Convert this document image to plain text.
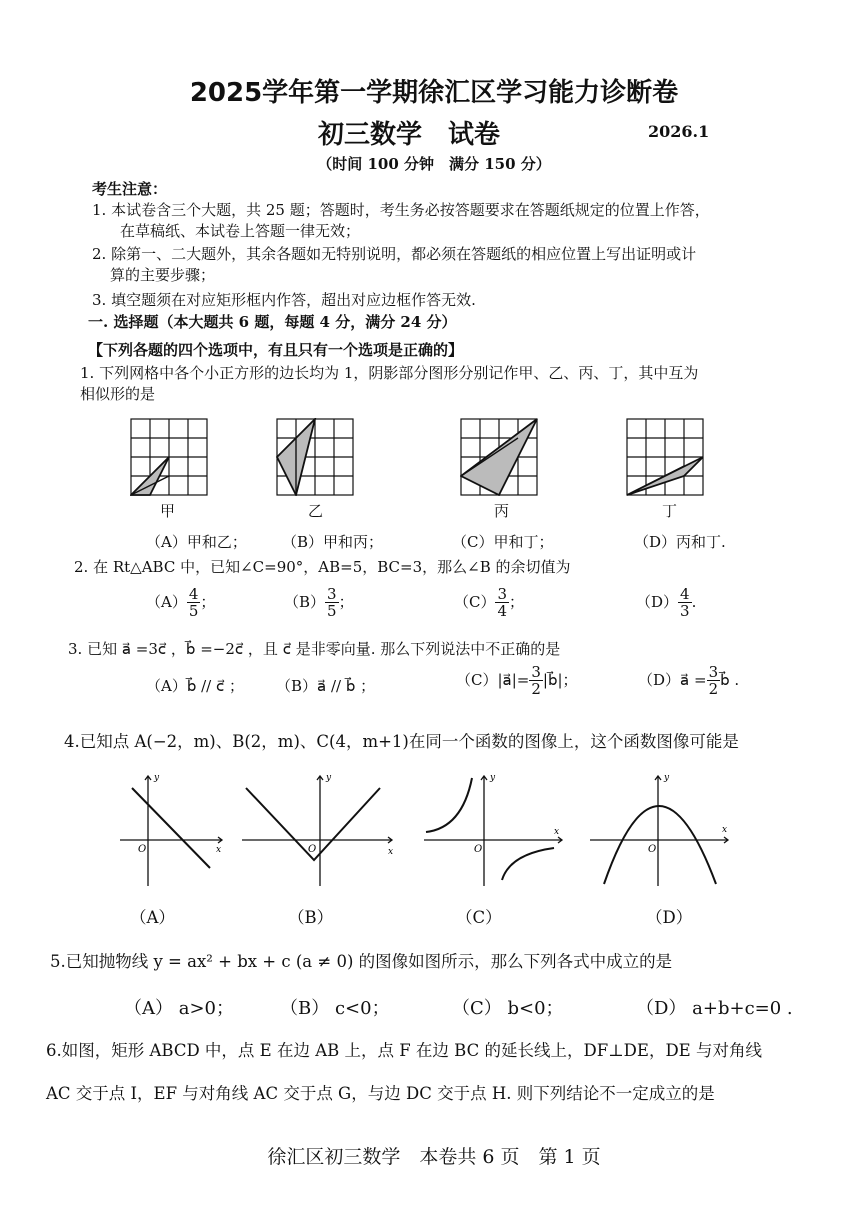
2025学年第一学期徐汇区学习能力诊断卷
初三数学　试卷	2026.1
（时间 100 分钟　满分 150 分）
考生注意：
1. 本试卷含三个大题，共 25 题；答题时，考生务必按答题要求在答题纸规定的位置上作答，
在草稿纸、本试卷上答题一律无效；
2. 除第一、二大题外，其余各题如无特别说明，都必须在答题纸的相应位置上写出证明或计
算的主要步骤；
3. 填空题须在对应矩形框内作答，超出对应边框作答无效.
一. 选择题（本大题共 6 题，每题 4 分，满分 24 分）
【下列各题的四个选项中，有且只有一个选项是正确的】
1. 下列网格中各个小正方形的边长均为 1，阴影部分图形分别记作甲、乙、丙、丁，其中互为
相似形的是
甲	乙	丙	丁
（A）甲和乙； （B）甲和丙；	（C）甲和丁；	（D）丙和丁.
2. 在 Rt△ABC 中，已知∠C=90°，AB=5，BC=3，那么∠B 的余切值为
$(A) \frac{4}{5}$ ；	$(B) \frac{3}{5}$ ；	$(C) \frac{3}{4}$ ；	$(D) \frac{4}{3}$ .
3. 已知 a⃗ =3c⃗ ，b⃗ =−2c⃗ ，且 c⃗ 是非零向量. 那么下列说法中不正确的是
（A）b⃗ // c⃗ ； （B）a⃗ // b⃗ ；	（C）|a⃗|= $\frac{3}{2}$ |b⃗|；	（D）a⃗ = $\frac{3}{2}$ b⃗ .
4.已知点 A(−2，m)、B(2，m)、C(4，m+1)在同一个函数的图像上，这个函数图像可能是
y
x
O
y
x
O
y
x
O
y
x
O
（A）	（B）	（C）	（D）
5.已知抛物线 y = ax² + bx + c (a ≠ 0) 的图像如图所示，那么下列各式中成立的是
（A） a>0；	（B） c<0；	（C） b<0；	（D） a+b+c=0 .
6.如图，矩形 ABCD 中，点 E 在边 AB 上，点 F 在边 BC 的延长线上，DF⊥DE，DE 与对角线
AC 交于点 I，EF 与对角线 AC 交于点 G，与边 DC 交于点 H. 则下列结论不一定成立的是
徐汇区初三数学　本卷共 6 页　第 1 页
